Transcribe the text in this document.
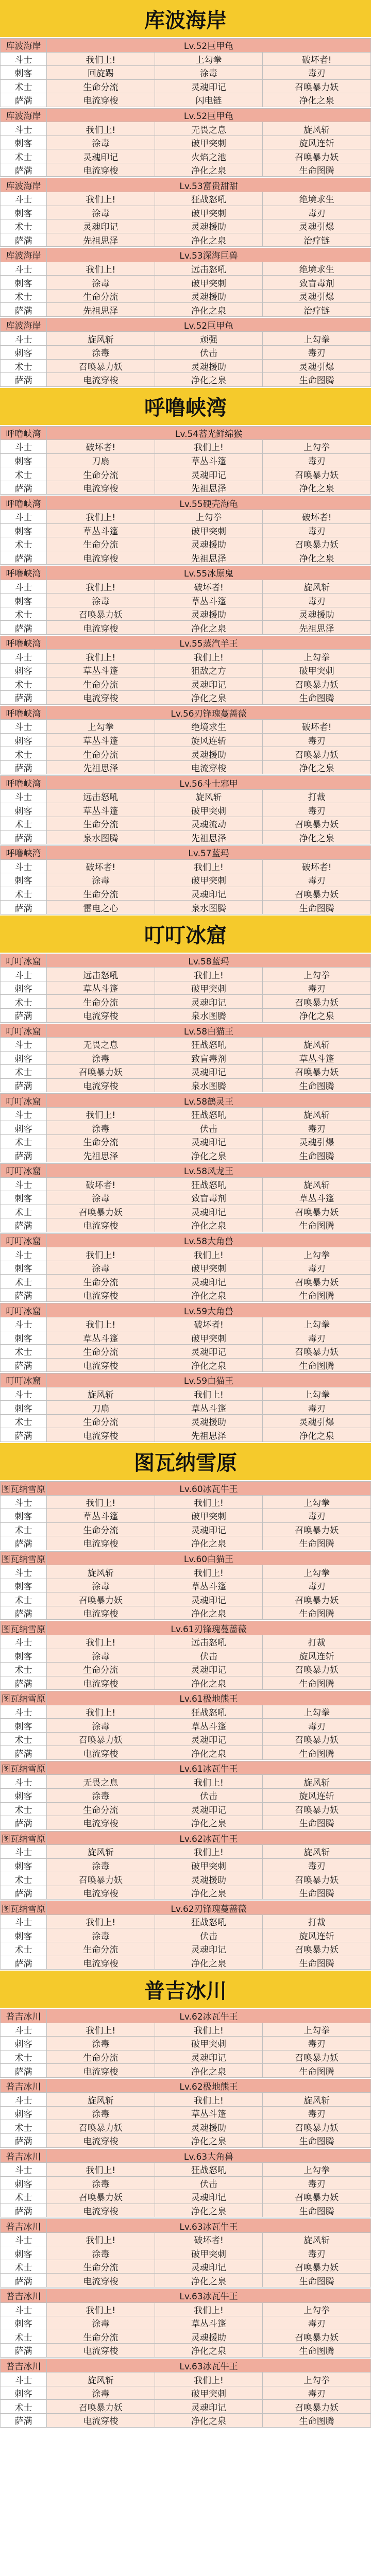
库波海岸
库波海岸	Lv.52巨甲龟		
斗士	我们上!	上勾拳	破坏者!
刺客	回旋踢	涂毒	毒刃
术士	生命分流	灵魂印记	召唤暴力妖
萨满	电流穿梭	闪电链	净化之泉
库波海岸	Lv.52巨甲龟		
斗士	我们上!	无畏之息	旋风斩
刺客	涂毒	破甲突刺	旋风连斩
术士	灵魂印记	火焰之池	召唤暴力妖
萨满	电流穿梭	净化之泉	生命图腾
库波海岸	Lv.53富贵甜甜		
斗士	我们上!	狂战怒吼	绝境求生
刺客	涂毒	破甲突刺	毒刃
术士	灵魂印记	灵魂援助	灵魂引爆
萨满	先祖思泽	净化之泉	治疗链
库波海岸	Lv.53深海巨兽		
斗士	我们上!	远击怒吼	绝境求生
刺客	涂毒	破甲突刺	致盲毒剂
术士	生命分流	灵魂援助	灵魂引爆
萨满	先祖思泽	净化之泉	治疗链
库波海岸	Lv.52巨甲龟		
斗士	旋风斩	顽强	上勾拳
刺客	涂毒	伏击	毒刃
术士	召唤暴力妖	灵魂援助	灵魂引爆
萨满	电流穿梭	净化之泉	生命图腾
呼噜峡湾
呼噜峡湾	Lv.54蓄光鲜绵猴		
斗士	破坏者!	我们上!	上勾拳
刺客	刀扇	草丛斗篷	毒刃
术士	生命分流	灵魂印记	召唤暴力妖
萨满	电流穿梭	先祖思泽	净化之泉
呼噜峡湾	Lv.55硬壳海龟		
斗士	我们上!	上勾拳	破坏者!
刺客	草丛斗篷	破甲突刺	毒刃
术士	生命分流	灵魂援助	召唤暴力妖
萨满	电流穿梭	先祖思泽	净化之泉
呼噜峡湾	Lv.55冰原鬼		
斗士	我们上!	破坏者!	旋风斩
刺客	涂毒	草丛斗篷	毒刃
术士	召唤暴力妖	灵魂援助	灵魂援助
萨满	电流穿梭	净化之泉	先祖思泽
呼噜峡湾	Lv.55蒸汽羊王		
斗士	我们上!	我们上!	上勾拳
刺客	草丛斗篷	狙敌之方	破甲突刺
术士	生命分流	灵魂印记	召唤暴力妖
萨满	电流穿梭	净化之泉	生命图腾
呼噜峡湾	Lv.56刃锋瑰蔓蔷薇		
斗士	上勾拳	绝境求生	破坏者!
刺客	草丛斗篷	旋风连斩	毒刃
术士	生命分流	灵魂援助	召唤暴力妖
萨满	先祖思泽	电流穿梭	净化之泉
呼噜峡湾	Lv.56斗士邪甲		
斗士	远击怒吼	旋风斩	打裁
刺客	草丛斗篷	破甲突刺	毒刃
术士	生命分流	灵魂流动	召唤暴力妖
萨满	泉水图腾	先祖思泽	净化之泉
呼噜峡湾	Lv.57蓝玛		
斗士	破坏者!	我们上!	破坏者!
刺客	涂毒	破甲突刺	毒刃
术士	生命分流	灵魂印记	召唤暴力妖
萨满	雷电之心	泉水图腾	生命图腾
叮叮冰窟
叮叮冰窟	Lv.58蓝玛		
斗士	远击怒吼	我们上!	上勾拳
刺客	草丛斗篷	破甲突刺	毒刃
术士	生命分流	灵魂印记	召唤暴力妖
萨满	电流穿梭	泉水图腾	净化之泉
叮叮冰窟	Lv.58白猫王		
斗士	无畏之息	狂战怒吼	旋风斩
刺客	涂毒	致盲毒剂	草丛斗篷
术士	召唤暴力妖	灵魂印记	召唤暴力妖
萨满	电流穿梭	泉水图腾	生命图腾
叮叮冰窟	Lv.58鹤灵王		
斗士	我们上!	狂战怒吼	旋风斩
刺客	涂毒	伏击	毒刃
术士	生命分流	灵魂印记	灵魂引爆
萨满	先祖思泽	净化之泉	生命图腾
叮叮冰窟	Lv.58风龙王		
斗士	破坏者!	狂战怒吼	旋风斩
刺客	涂毒	致盲毒剂	草丛斗篷
术士	召唤暴力妖	灵魂印记	召唤暴力妖
萨满	电流穿梭	净化之泉	生命图腾
叮叮冰窟	Lv.58大角兽		
斗士	我们上!	我们上!	上勾拳
刺客	涂毒	破甲突刺	毒刃
术士	生命分流	灵魂印记	召唤暴力妖
萨满	电流穿梭	净化之泉	生命图腾
叮叮冰窟	Lv.59大角兽		
斗士	我们上!	破坏者!	上勾拳
刺客	草丛斗篷	破甲突刺	毒刃
术士	生命分流	灵魂印记	召唤暴力妖
萨满	电流穿梭	净化之泉	生命图腾
叮叮冰窟	Lv.59白猫王		
斗士	旋风斩	我们上!	上勾拳
刺客	刀扇	草丛斗篷	毒刃
术士	生命分流	灵魂援助	灵魂引爆
萨满	电流穿梭	先祖思泽	净化之泉
图瓦纳雪原
图瓦纳雪原	Lv.60冰瓦牛王		
斗士	我们上!	我们上!	上勾拳
刺客	草丛斗篷	破甲突刺	毒刃
术士	生命分流	灵魂印记	召唤暴力妖
萨满	电流穿梭	净化之泉	生命图腾
图瓦纳雪原	Lv.60白猫王		
斗士	旋风斩	我们上!	上勾拳
刺客	涂毒	草丛斗篷	毒刃
术士	召唤暴力妖	灵魂印记	召唤暴力妖
萨满	电流穿梭	净化之泉	生命图腾
图瓦纳雪原	Lv.61刃锋瑰蔓蔷薇		
斗士	我们上!	远击怒吼	打裁
刺客	涂毒	伏击	旋风连斩
术士	生命分流	灵魂印记	召唤暴力妖
萨满	电流穿梭	净化之泉	生命图腾
图瓦纳雪原	Lv.61极地熊王		
斗士	我们上!	狂战怒吼	上勾拳
刺客	涂毒	草丛斗篷	毒刃
术士	召唤暴力妖	灵魂印记	召唤暴力妖
萨满	电流穿梭	净化之泉	生命图腾
图瓦纳雪原	Lv.61冰瓦牛王		
斗士	无畏之息	我们上!	旋风斩
刺客	涂毒	伏击	旋风连斩
术士	生命分流	灵魂印记	召唤暴力妖
萨满	电流穿梭	净化之泉	生命图腾
图瓦纳雪原	Lv.62冰瓦牛王		
斗士	旋风斩	我们上!	旋风斩
刺客	涂毒	破甲突刺	毒刃
术士	召唤暴力妖	灵魂援助	召唤暴力妖
萨满	电流穿梭	净化之泉	生命图腾
图瓦纳雪原	Lv.62刃锋瑰蔓蔷薇		
斗士	我们上!	狂战怒吼	打裁
刺客	涂毒	伏击	旋风连斩
术士	生命分流	灵魂印记	召唤暴力妖
萨满	电流穿梭	净化之泉	生命图腾
普吉冰川
普吉冰川	Lv.62冰瓦牛王		
斗士	我们上!	我们上!	上勾拳
刺客	涂毒	破甲突刺	毒刃
术士	生命分流	灵魂印记	召唤暴力妖
萨满	电流穿梭	净化之泉	生命图腾
普吉冰川	Lv.62极地熊王		
斗士	旋风斩	我们上!	旋风斩
刺客	涂毒	草丛斗篷	毒刃
术士	召唤暴力妖	灵魂援助	召唤暴力妖
萨满	电流穿梭	净化之泉	生命图腾
普吉冰川	Lv.63大角兽		
斗士	我们上!	狂战怒吼	上勾拳
刺客	涂毒	伏击	毒刃
术士	召唤暴力妖	灵魂印记	召唤暴力妖
萨满	电流穿梭	净化之泉	生命图腾
普吉冰川	Lv.63冰瓦牛王		
斗士	我们上!	破坏者!	旋风斩
刺客	涂毒	破甲突刺	毒刃
术士	生命分流	灵魂印记	召唤暴力妖
萨满	电流穿梭	净化之泉	生命图腾
普吉冰川	Lv.63冰瓦牛王		
斗士	我们上!	我们上!	上勾拳
刺客	涂毒	草丛斗篷	毒刃
术士	生命分流	灵魂援助	召唤暴力妖
萨满	电流穿梭	净化之泉	生命图腾
普吉冰川	Lv.63冰瓦牛王		
斗士	旋风斩	我们上!	上勾拳
刺客	涂毒	破甲突刺	毒刃
术士	召唤暴力妖	灵魂印记	召唤暴力妖
萨满	电流穿梭	净化之泉	生命图腾
